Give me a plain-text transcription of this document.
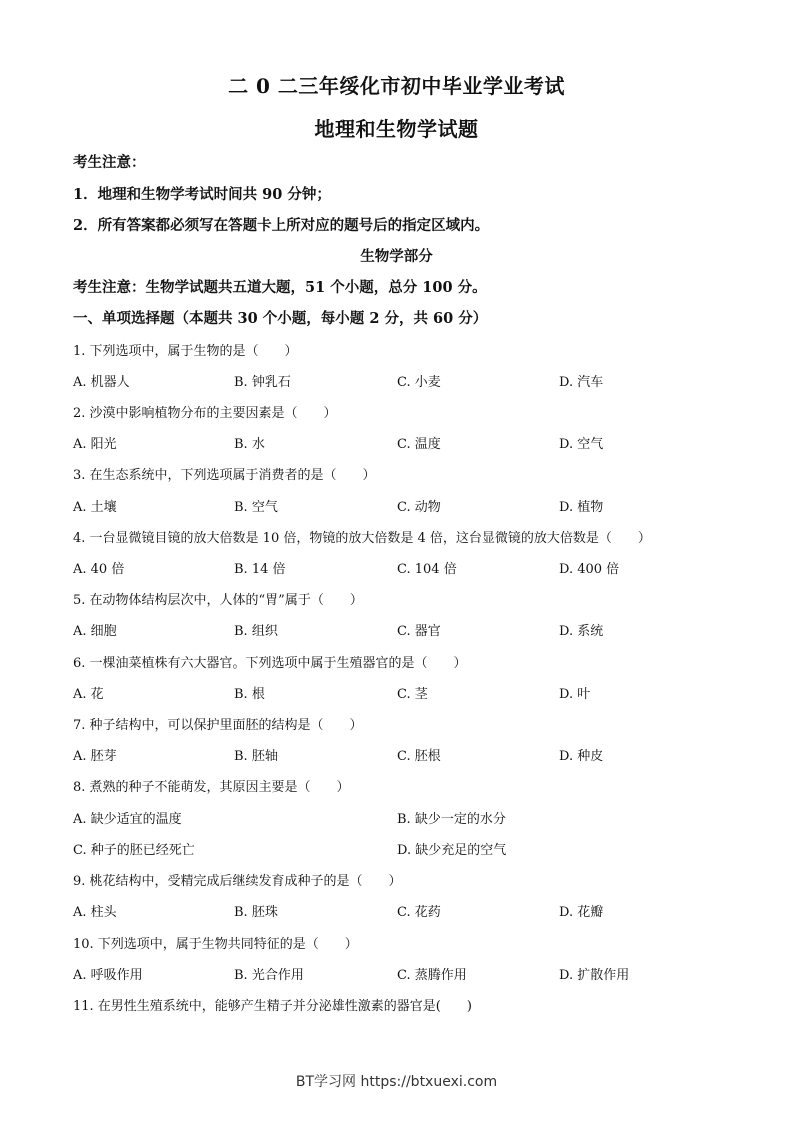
二 0 二三年绥化市初中毕业学业考试
地理和生物学试题
考生注意：
1．地理和生物学考试时间共 90 分钟；
2．所有答案都必须写在答题卡上所对应的题号后的指定区域内。
生物学部分
考生注意：生物学试题共五道大题，51 个小题，总分 100 分。
一、单项选择题（本题共 30 个小题，每小题 2 分，共 60 分）
1. 下列选项中，属于生物的是（　　）
A. 机器人	B. 钟乳石	C. 小麦	D. 汽车
2. 沙漠中影响植物分布的主要因素是（　　）
A. 阳光	B. 水	C. 温度	D. 空气
3. 在生态系统中，下列选项属于消费者的是（　　）
A. 土壤	B. 空气	C. 动物	D. 植物
4. 一台显微镜目镜的放大倍数是 10 倍，物镜的放大倍数是 4 倍，这台显微镜的放大倍数是（　　）
A. 40 倍	B. 14 倍	C. 104 倍	D. 400 倍
5. 在动物体结构层次中，人体的“胃”属于（　　）
A. 细胞	B. 组织	C. 器官	D. 系统
6. 一棵油菜植株有六大器官。下列选项中属于生殖器官的是（　　）
A. 花	B. 根	C. 茎	D. 叶
7. 种子结构中，可以保护里面胚的结构是（　　）
A. 胚芽	B. 胚轴	C. 胚根	D. 种皮
8. 煮熟的种子不能萌发，其原因主要是（　　）
A. 缺少适宜的温度	B. 缺少一定的水分
C. 种子的胚已经死亡	D. 缺少充足的空气
9. 桃花结构中，受精完成后继续发育成种子的是（　　）
A. 柱头	B. 胚珠	C. 花药	D. 花瓣
10. 下列选项中，属于生物共同特征的是（　　）
A. 呼吸作用	B. 光合作用	C. 蒸腾作用	D. 扩散作用
11. 在男性生殖系统中，能够产生精子并分泌雄性激素的器官是(　　)
BT学习网 https://btxuexi.com
